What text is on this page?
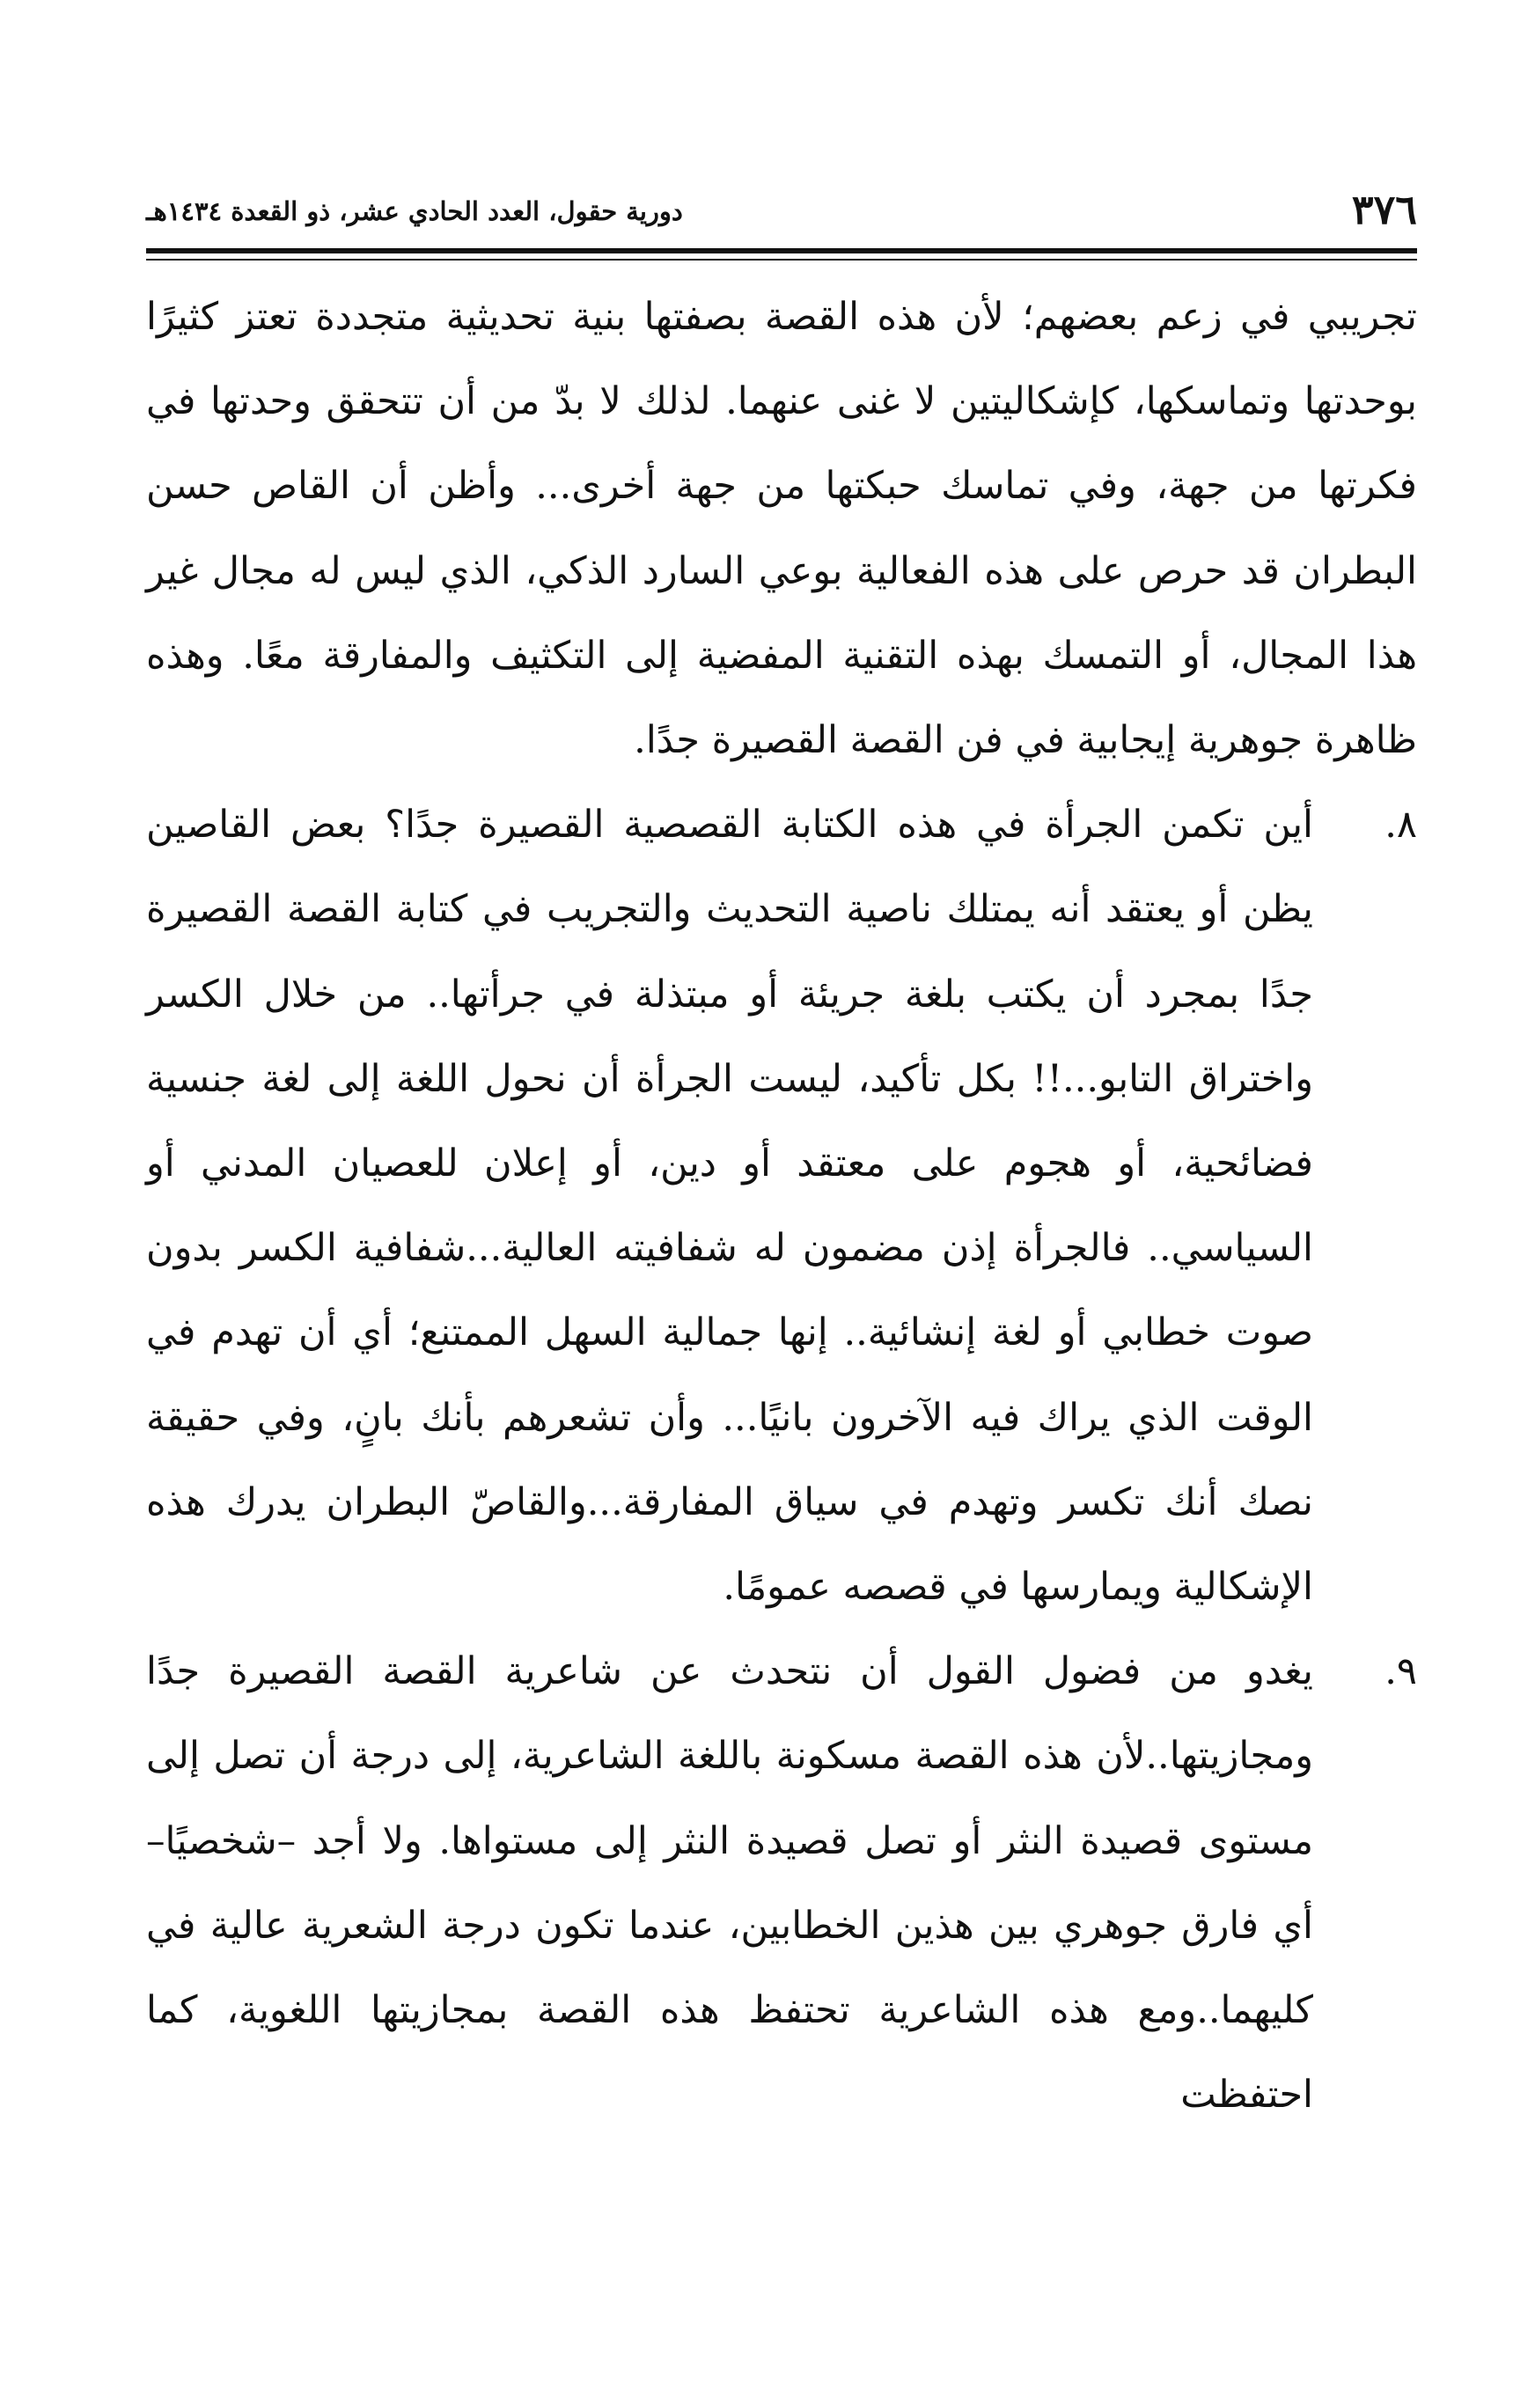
٣٧٦
دورية حقول، العدد الحادي عشر، ذو القعدة ١٤٣٤هـ

تجريبي في زعم بعضهم؛ لأن هذه القصة بصفتها بنية تحديثية متجددة تعتز كثيرًا بوحدتها وتماسكها، كإشكاليتين لا غنى عنهما. لذلك لا بدّ من أن تتحقق وحدتها في فكرتها من جهة، وفي تماسك حبكتها من جهة أخرى... وأظن أن القاص حسن البطران قد حرص على هذه الفعالية بوعي السارد الذكي، الذي ليس له مجال غير هذا المجال، أو التمسك بهذه التقنية المفضية إلى التكثيف والمفارقة معًا. وهذه ظاهرة جوهرية إيجابية في فن القصة القصيرة جدًا.

٨.

أين تكمن الجرأة في هذه الكتابة القصصية القصيرة جدًا؟ بعض القاصين يظن أو يعتقد أنه يمتلك ناصية التحديث والتجريب في كتابة القصة القصيرة جدًا بمجرد أن يكتب بلغة جريئة أو مبتذلة في جرأتها.. من خلال الكسر واختراق التابو...!! بكل تأكيد، ليست الجرأة أن نحول اللغة إلى لغة جنسية فضائحية، أو هجوم على معتقد أو دين، أو إعلان للعصيان المدني أو السياسي.. فالجرأة إذن مضمون له شفافيته العالية...شفافية الكسر بدون صوت خطابي أو لغة إنشائية.. إنها جمالية السهل الممتنع؛ أي أن تهدم في الوقت الذي يراك فيه الآخرون بانيًا... وأن تشعرهم بأنك بانٍ، وفي حقيقة نصك أنك تكسر وتهدم في سياق المفارقة...والقاصّ البطران يدرك هذه الإشكالية ويمارسها في قصصه عمومًا.

٩.

يغدو من فضول القول أن نتحدث عن شاعرية القصة القصيرة جدًا ومجازيتها..لأن هذه القصة مسكونة باللغة الشاعرية، إلى درجة أن تصل إلى مستوى قصيدة النثر أو تصل قصيدة النثر إلى مستواها. ولا أجد –شخصيًا– أي فارق جوهري بين هذين الخطابين، عندما تكون درجة الشعرية عالية في كليهما..ومع هذه الشاعرية تحتفظ هذه القصة بمجازيتها اللغوية، كما احتفظت
